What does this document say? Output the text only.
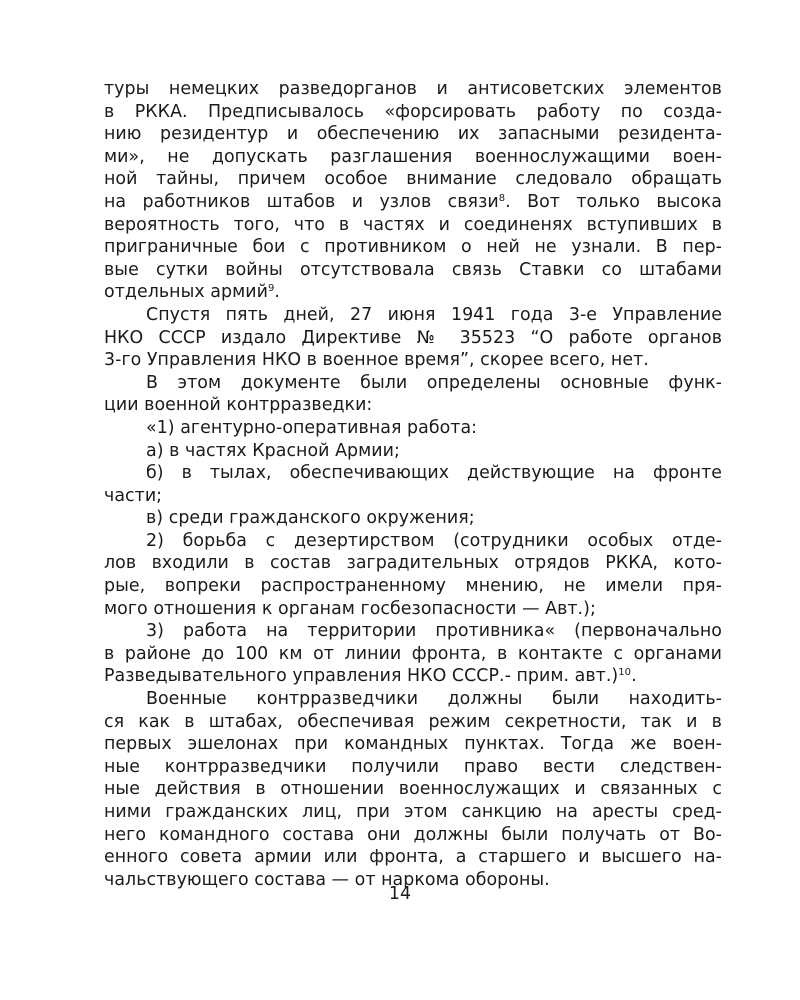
туры немецких разведорганов и антисоветских элементов
в РККА. Предписывалось «форсировать работу по созда-
нию резидентур и обеспечению их запасными резидента-
ми», не допускать разглашения военнослужащими воен-
ной тайны, причем особое внимание следовало обращать
на работников штабов и узлов связи$^8$. Вот только высока
вероятность того, что в частях и соединенях вступивших в
приграничные бои с противником о ней не узнали. В пер-
вые сутки войны отсутствовала связь Ставки со штабами
отдельных армий$^9$.
Спустя пять дней, 27 июня 1941 года 3-е Управление
НКО СССР издало Директиве № 35523 “О работе органов
3-го Управления НКО в военное время”, скорее всего, нет.
В этом документе были определены основные функ-
ции военной контрразведки:
«1) агентурно-оперативная работа:
а) в частях Красной Армии;
б) в тылах, обеспечивающих действующие на фронте
части;
в) среди гражданского окружения;
2) борьба с дезертирством (сотрудники особых отде-
лов входили в состав заградительных отрядов РККА, кото-
рые, вопреки распространенному мнению, не имели пря-
мого отношения к органам госбезопасности — Авт.);
3) работа на территории противника« (первоначально
в районе до 100 км от линии фронта, в контакте с органами
Разведывательного управления НКО СССР.- прим. авт.)$^{10}$.
Военные контрразведчики должны были находить-
ся как в штабах, обеспечивая режим секретности, так и в
первых эшелонах при командных пунктах. Тогда же воен-
ные контрразведчики получили право вести следствен-
ные действия в отношении военнослужащих и связанных с
ними гражданских лиц, при этом санкцию на аресты сред-
него командного состава они должны были получать от Во-
енного совета армии или фронта, а старшего и высшего на-
чальствующего состава — от наркома обороны.
14
